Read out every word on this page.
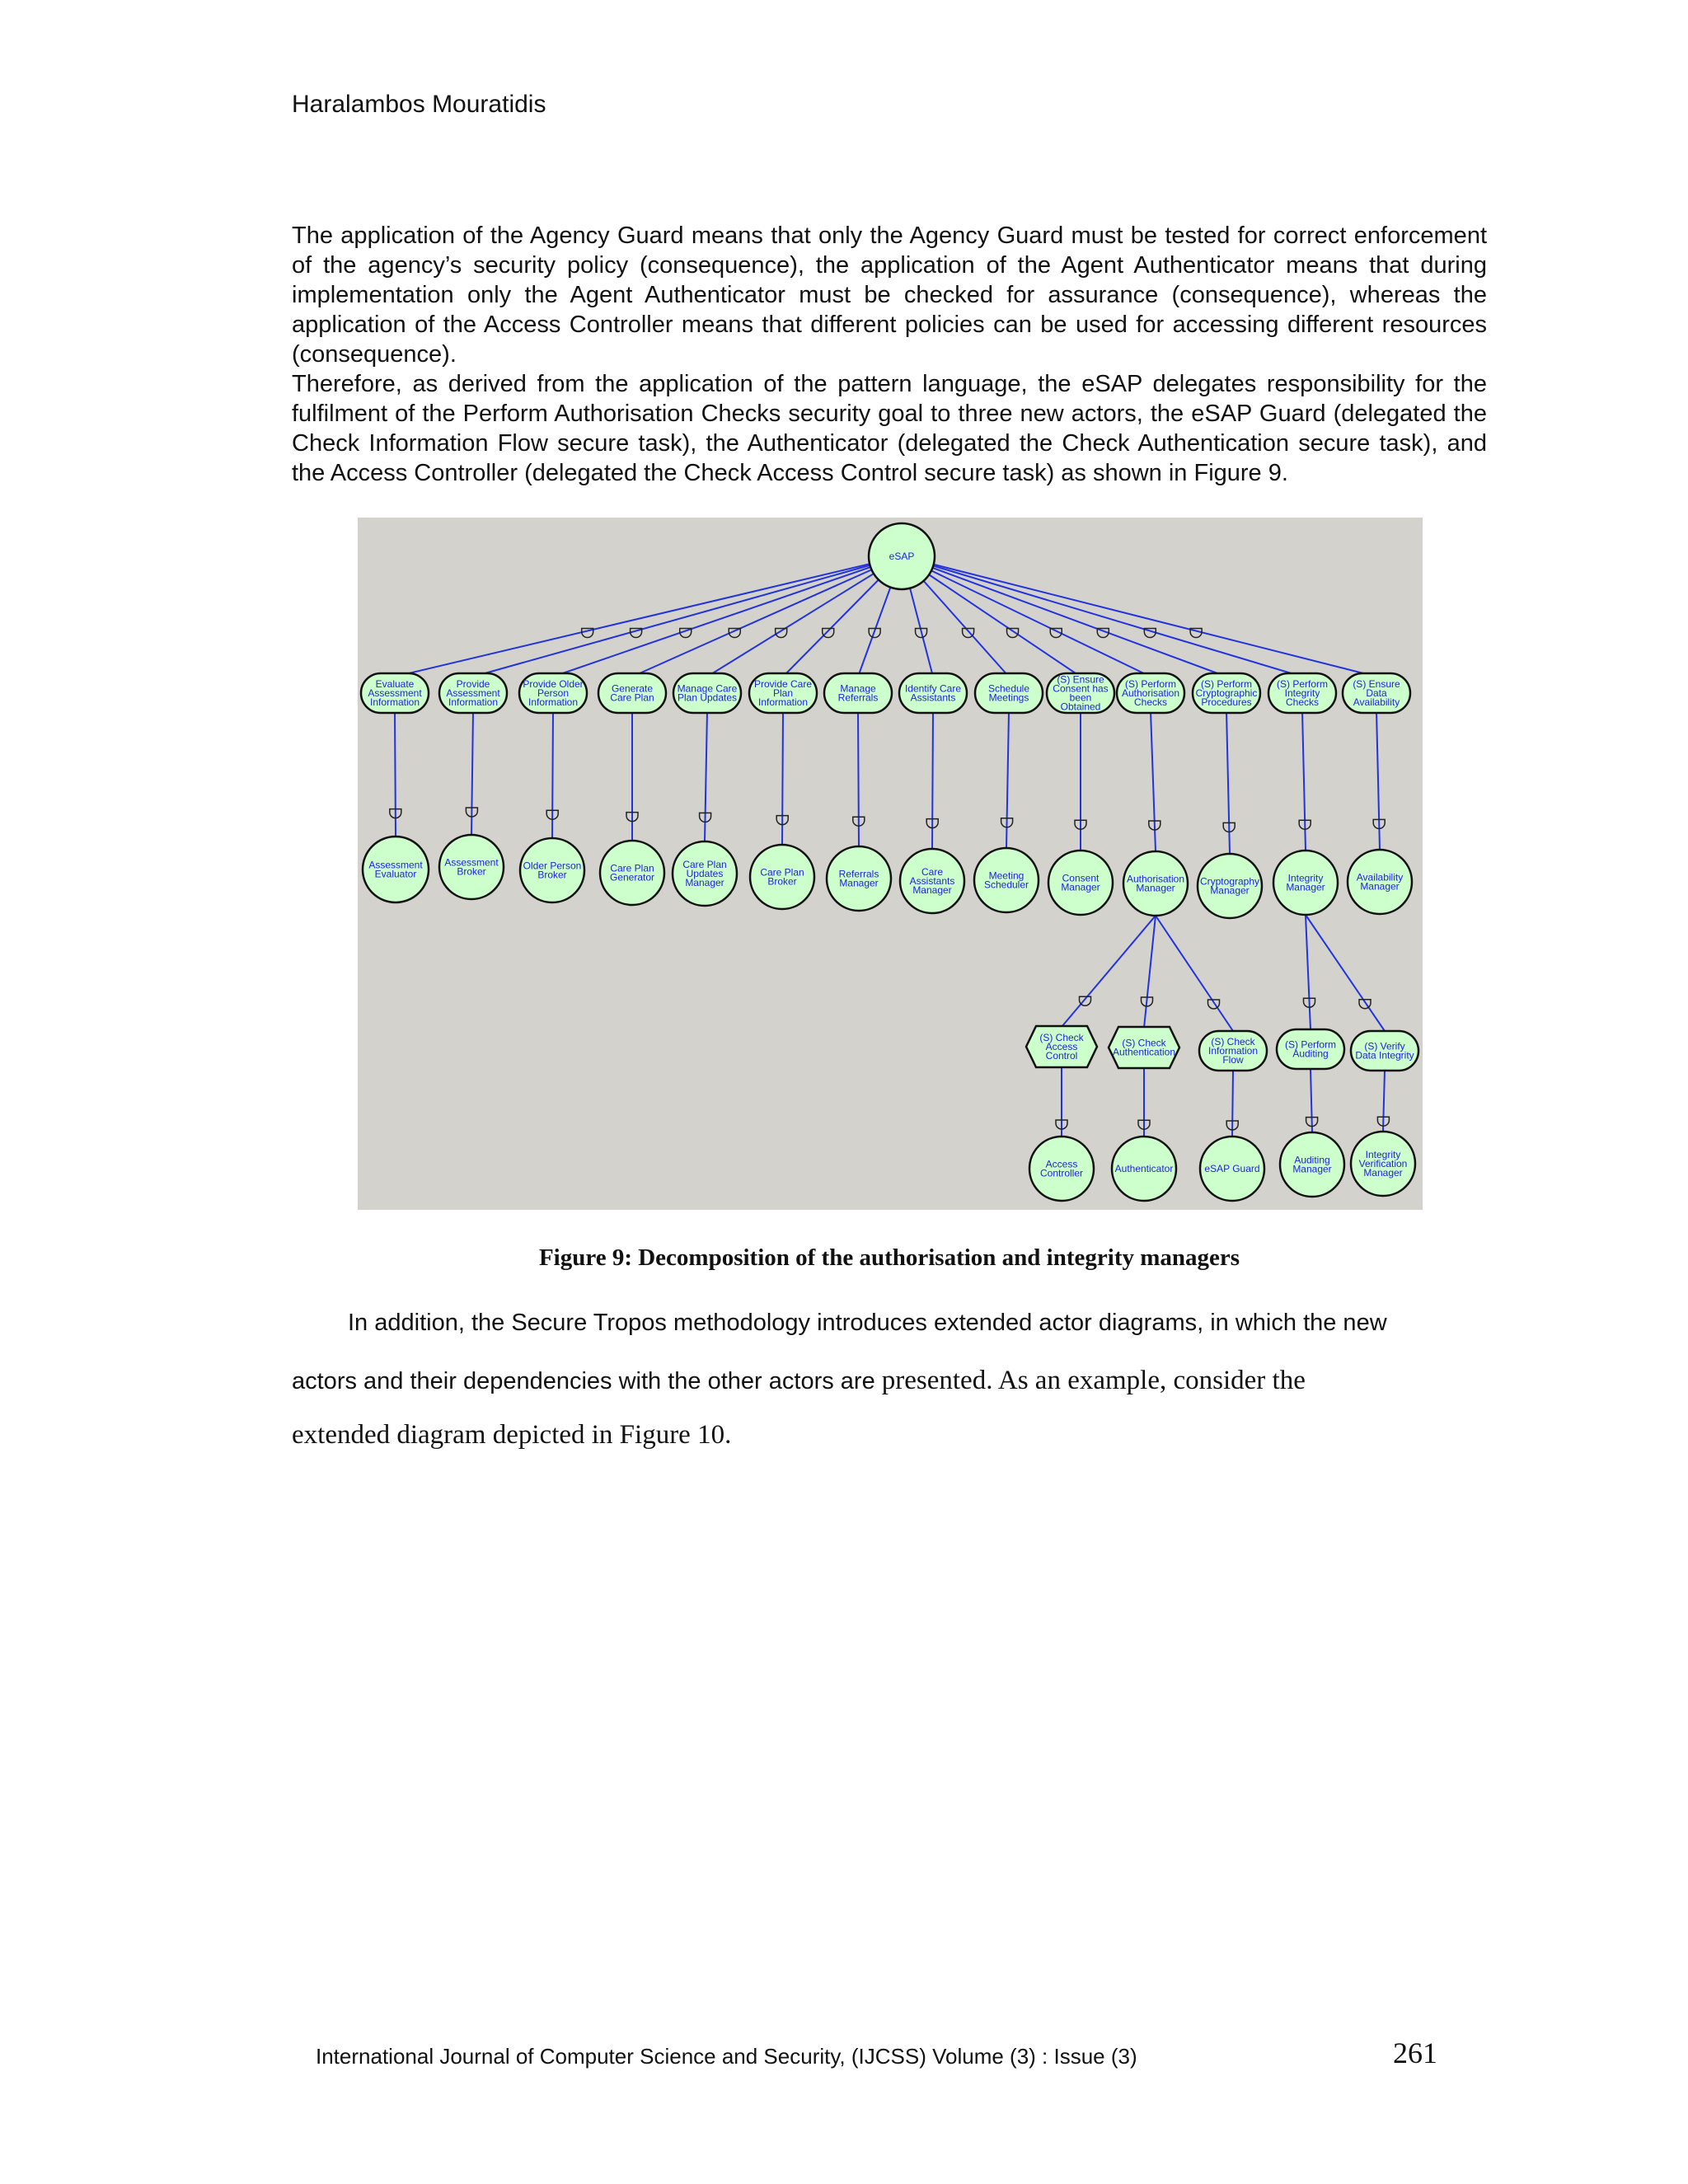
Haralambos Mouratidis

The application of the Agency Guard means that only the Agency Guard must be tested for correct enforcement of the agency’s security policy (consequence), the application of the Agent Authenticator means that during implementation only the Agent Authenticator must be checked for assurance (consequence), whereas the application of the Access Controller means that different policies can be used for accessing different resources (consequence).

Therefore, as derived from the application of the pattern language, the eSAP delegates responsibility for the fulfilment of the Perform Authorisation Checks security goal to three new actors, the eSAP Guard (delegated the Check Information Flow secure task), the Authenticator (delegated the Check Authentication secure task), and the Access Controller (delegated the Check Access Control secure task) as shown in Figure 9.

eSAP
Evaluate Assessment Information
Provide Assessment Information
Provide Older Person Information
Generate Care Plan
Manage Care Plan Updates
Provide Care Plan Information
Manage Referrals
Identify Care Assistants
Schedule Meetings
(S) Ensure Consent has been Obtained
(S) Perform Authorisation Checks
(S) Perform Cryptographic Procedures
(S) Perform Integrity Checks
(S) Ensure Data Availability
Assessment Evaluator
Assessment Broker	Older Person Broker
Care Plan Generator
Care Plan Updates Manager
Care Plan Broker
Referrals Manager
Care Assistants Manager
Meeting Scheduler
Consent Manager
Authorisation Manager
Cryptography Manager
Integrity Manager
Availability Manager
(S) Check Access Control
(S) Check Authentication
(S) Check Information Flow
(S) Perform Auditing
(S) Verify Data Integrity
Access Controller	Authenticator	eSAP Guard
Auditing Manager
Integrity Verification Manager
Figure 9: Decomposition of the authorisation and integrity managers
In addition, the Secure Tropos methodology introduces extended actor diagrams, in which the new
actors and their dependencies with the other actors are presented. As an example, consider the
extended diagram depicted in Figure 10.
International Journal of Computer Science and Security, (IJCSS) Volume (3) : Issue (3)	261
